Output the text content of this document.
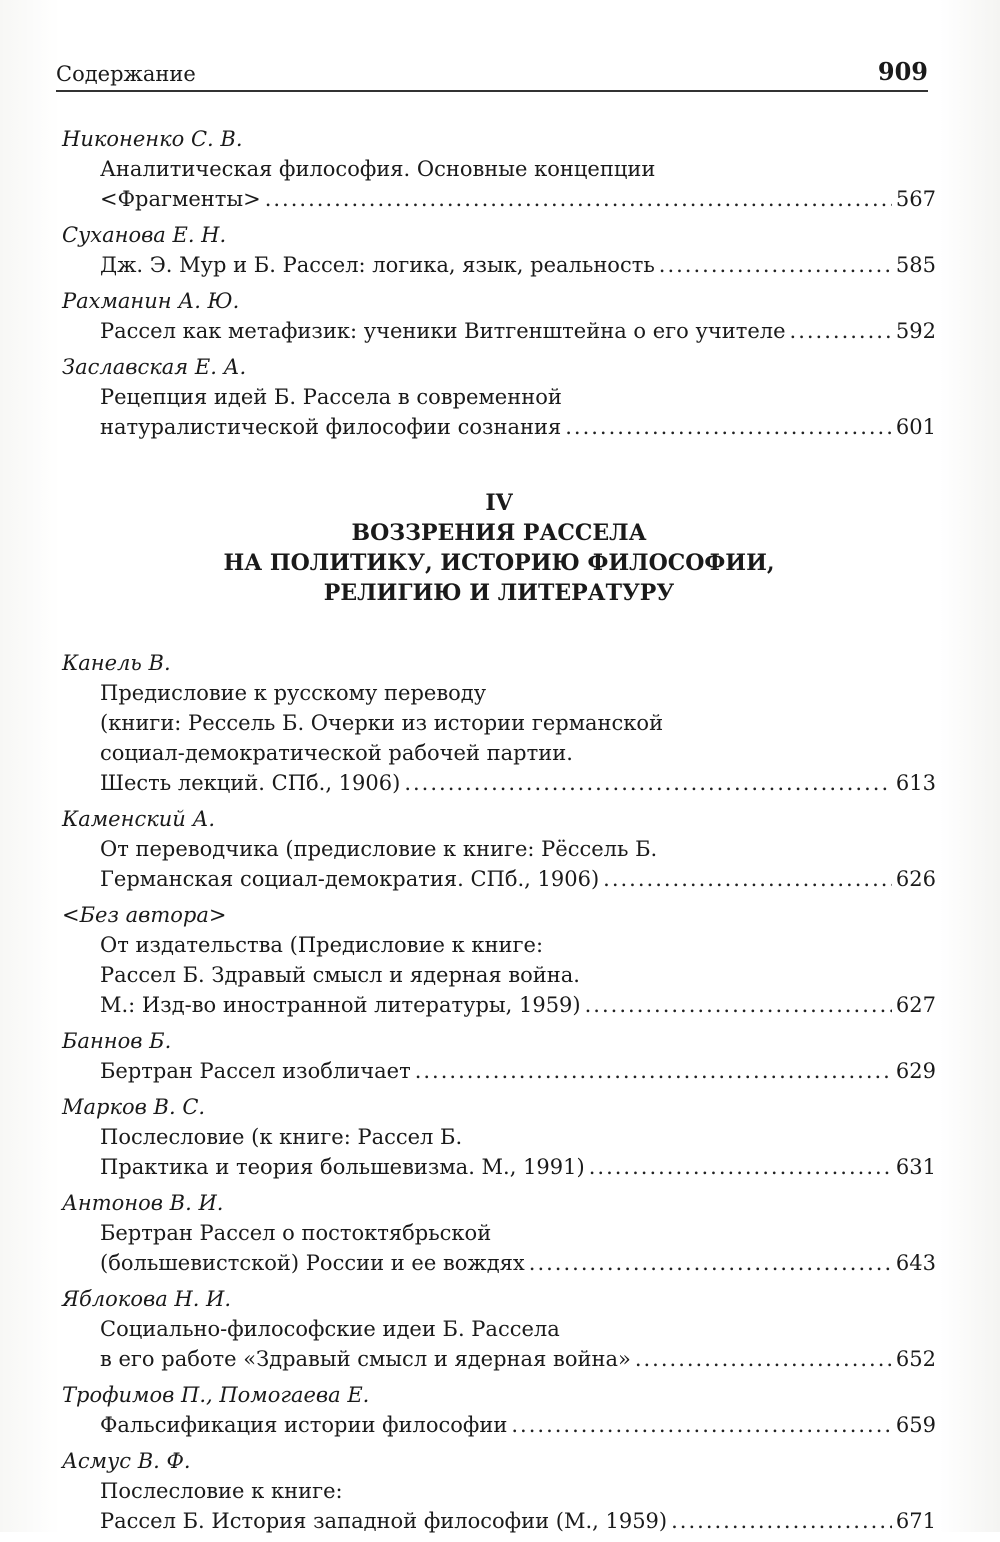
Содержание	909
Никоненко С. В.
Аналитическая философия. Основные концепции
<Фрагменты> .....	567
Суханова Е. Н.
Дж. Э. Мур и Б. Рассел: логика, язык, реальность .....	585
Рахманин А. Ю.
Рассел как метафизик: ученики Витгенштейна о его учителе .....	592
Заславская Е. А.
Рецепция идей Б. Рассела в современной
натуралистической философии сознания .....	601
IV
ВОЗЗРЕНИЯ РАССЕЛА
НА ПОЛИТИКУ, ИСТОРИЮ ФИЛОСОФИИ,
РЕЛИГИЮ И ЛИТЕРАТУРУ
Канель В.
Предисловие к русскому переводу
(книги: Рессель Б. Очерки из истории германской
социал-демократической рабочей партии.
Шесть лекций. СПб., 1906) .....	613
Каменский А.
От переводчика (предисловие к книге: Рёссель Б.
Германская социал-демократия. СПб., 1906) .....	626
<Без автора>
От издательства (Предисловие к книге:
Рассел Б. Здравый смысл и ядерная война.
М.: Изд-во иностранной литературы, 1959) .....	627
Баннов Б.
Бертран Рассел изобличает .....	629
Марков В. С.
Послесловие (к книге: Рассел Б.
Практика и теория большевизма. М., 1991) .....	631
Антонов В. И.
Бертран Рассел о постоктябрьской
(большевистской) России и ее вождях .....	643
Яблокова Н. И.
Социально-философские идеи Б. Рассела
в его работе «Здравый смысл и ядерная война» .....	652
Трофимов П., Помогаева Е.
Фальсификация истории философии .....	659
Асмус В. Ф.
Послесловие к книге:
Рассел Б. История западной философии (М., 1959) .....	671
